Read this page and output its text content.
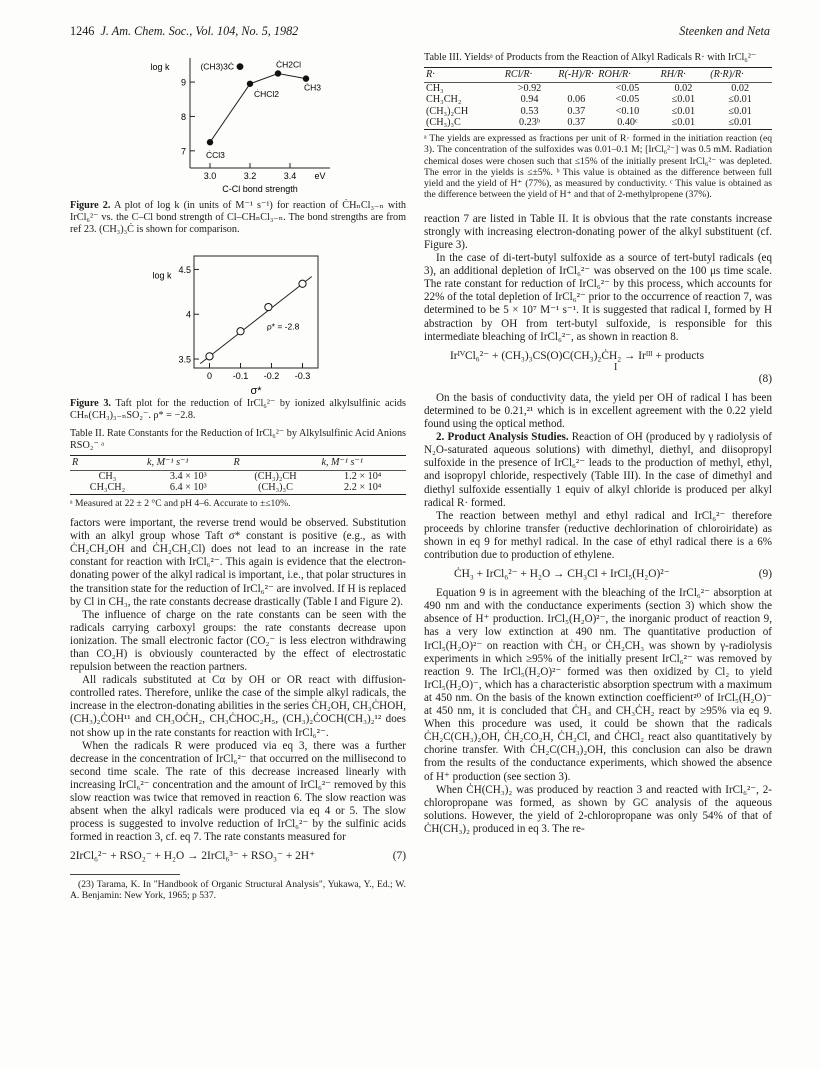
1246 J. Am. Chem. Soc., Vol. 104, No. 5, 1982	Steenken and Neta
9
8
7
3.0	3.2	3.4 eV
C-Cl bond strength
log k	(CH3)3Ċ	ĊH2Cl
ĊH3
ĊHCl2
ĊCl3
Figure 2. A plot of log k (in units of M⁻¹ s⁻¹) for reaction of ĊHₙCl₃₋ₙ with IrCl₆²⁻ vs. the C–Cl bond strength of Cl–CHₙCl₃₋ₙ. The bond strengths are from ref 23. (CH₃)₃Ċ is shown for comparison.
4.5
4
3.5
0 -0.1 -0.2 -0.3
σ*
log k
ρ* = -2.8
Figure 3. Taft plot for the reduction of IrCl₆²⁻ by ionized alkylsulfinic acids CHₙ(CH₃)₃₋ₙSO₂⁻. ρ* = −2.8.
Table II. Rate Constants for the Reduction of IrCl₆²⁻ by Alkylsulfinic Acid Anions RSO₂⁻ ᵃ
R	k, M⁻¹ s⁻¹	R	k, M⁻¹ s⁻¹
CH₃	3.4 × 10³	(CH₃)₂CH	1.2 × 10⁴
CH₃CH₂	6.4 × 10³	(CH₃)₃C	2.2 × 10⁴
ᵃ Measured at 22 ± 2 °C and pH 4–6. Accurate to ±≤10%.

factors were important, the reverse trend would be observed. Substitution with an alkyl group whose Taft σ* constant is positive (e.g., as with ĊH₂CH₂OH and ĊH₂CH₂Cl) does not lead to an increase in the rate constant for reaction with IrCl₆²⁻. This again is evidence that the electron-donating power of the alkyl radical is important, i.e., that polar structures in the transition state for the reduction of IrCl₆²⁻ are involved. If H is replaced by Cl in CH₃, the rate constants decrease drastically (Table I and Figure 2).

The influence of charge on the rate constants can be seen with the radicals carrying carboxyl groups: the rate constants decrease upon ionization. The small electronic factor (CO₂⁻ is less electron withdrawing than CO₂H) is obviously counteracted by the effect of electrostatic repulsion between the reaction partners.

All radicals substituted at Cα by OH or OR react with diffusion-controlled rates. Therefore, unlike the case of the simple alkyl radicals, the increase in the electron-donating abilities in the series ĊH₂OH, CH₃ĊHOH, (CH₃)₂ĊOH¹¹ and CH₃OĊH₂, CH₃ĊHOC₂H₅, (CH₃)₂ĊOCH(CH₃)₂¹² does not show up in the rate constants for reaction with IrCl₆²⁻.

When the radicals R were produced via eq 3, there was a further decrease in the concentration of IrCl₆²⁻ that occurred on the millisecond to second time scale. The rate of this decrease increased linearly with increasing IrCl₆²⁻ concentration and the amount of IrCl₆²⁻ removed by this slow reaction was twice that removed in reaction 6. The slow reaction was absent when the alkyl radicals were produced via eq 4 or 5. The slow process is suggested to involve reduction of IrCl₆²⁻ by the sulfinic acids formed in reaction 3, cf. eq 7. The rate constants measured for

2IrCl₆²⁻ + RSO₂⁻ + H₂O → 2IrCl₆³⁻ + RSO₃⁻ + 2H⁺	(7)

(23) Tarama, K. In "Handbook of Organic Structural Analysis", Yukawa, Y., Ed.; W. A. Benjamin: New York, 1965; p 537.

Table III. Yieldsᵃ of Products from the Reaction of Alkyl Radicals R· with IrCl₆²⁻
R·	RCl/R·	R(-H)/R·	ROH/R·	RH/R·	(R·R)/R·
CH₃	>0.92		<0.05	0.02	0.02
CH₃CH₂	0.94	0.06	<0.05	≤0.01	≤0.01
(CH₃)₂CH	0.53	0.37	<0.10	≤0.01	≤0.01
(CH₃)₃C	0.23ᵇ	0.37	0.40ᶜ	≤0.01	≤0.01
ᵃ The yields are expressed as fractions per unit of R· formed in the initiation reaction (eq 3). The concentration of the sulfoxides was 0.01–0.1 M; [IrCl₆²⁻] was 0.5 mM. Radiation chemical doses were chosen such that ≤15% of the initially present IrCl₆²⁻ was depleted. The error in the yields is ≤±5%. ᵇ This value is obtained as the difference between full yield and the yield of H⁺ (77%), as measured by conductivity. ᶜ This value is obtained as the difference between the yield of H⁺ and that of 2-methylpropene (37%).

reaction 7 are listed in Table II. It is obvious that the rate constants increase strongly with increasing electron-donating power of the alkyl substituent (cf. Figure 3).

In the case of di-tert-butyl sulfoxide as a source of tert-butyl radicals (eq 3), an additional depletion of IrCl₆²⁻ was observed on the 100 μs time scale. The rate constant for reduction of IrCl₆²⁻ by this process, which accounts for 22% of the total depletion of IrCl₆²⁻ prior to the occurrence of reaction 7, was determined to be 5 × 10⁷ M⁻¹ s⁻¹. It is suggested that radical I, formed by H abstraction by OH from tert-butyl sulfoxide, is responsible for this intermediate bleaching of IrCl₆²⁻, as shown in reaction 8.

IrᴵⱽCl₆²⁻ + (CH₃)₃CS(O)C(CH₃)₂ĊH₂ → Irᴵᴵᴵ + products
I
(8)

On the basis of conductivity data, the yield per OH of radical I has been determined to be 0.21,²¹ which is in excellent agreement with the 0.22 yield found using the optical method.

2. Product Analysis Studies. Reaction of OH (produced by γ radiolysis of N₂O-saturated aqueous solutions) with dimethyl, diethyl, and diisopropyl sulfoxide in the presence of IrCl₆²⁻ leads to the production of methyl, ethyl, and isopropyl chloride, respectively (Table III). In the case of dimethyl and diethyl sulfoxide essentially 1 equiv of alkyl chloride is produced per alkyl radical R· formed.

The reaction between methyl and ethyl radical and IrCl₆²⁻ therefore proceeds by chlorine transfer (reductive dechlorination of chloroiridate) as shown in eq 9 for methyl radical. In the case of ethyl radical there is a 6% contribution due to production of ethylene.

ĊH₃ + IrCl₆²⁻ + H₂O → CH₃Cl + IrCl₅(H₂O)²⁻	(9)

Equation 9 is in agreement with the bleaching of the IrCl₆²⁻ absorption at 490 nm and with the conductance experiments (section 3) which show the absence of H⁺ production. IrCl₅(H₂O)²⁻, the inorganic product of reaction 9, has a very low extinction at 490 nm. The quantitative production of IrCl₅(H₂O)²⁻ on reaction with ĊH₃ or ĊH₂CH₃ was shown by γ-radiolysis experiments in which ≥95% of the initially present IrCl₆²⁻ was removed by reaction 9. The IrCl₅(H₂O)²⁻ formed was then oxidized by Cl₂ to yield IrCl₅(H₂O)⁻, which has a characteristic absorption spectrum with a maximum at 450 nm. On the basis of the known extinction coefficient²⁰ of IrCl₅(H₂O)⁻ at 450 nm, it is concluded that ĊH₃ and CH₃ĊH₂ react by ≥95% via eq 9. When this procedure was used, it could be shown that the radicals ĊH₂C(CH₃)₂OH, ĊH₂CO₂H, ĊH₂Cl, and ĊHCl₂ react also quantitatively by chorine transfer. With ĊH₂C(CH₃)₂OH, this conclusion can also be drawn from the results of the conductance experiments, which showed the absence of H⁺ production (see section 3).

When ĊH(CH₃)₂ was produced by reaction 3 and reacted with IrCl₆²⁻, 2-chloropropane was formed, as shown by GC analysis of the aqueous solutions. However, the yield of 2-chloropropane was only 54% of that of ĊH(CH₃)₂ produced in eq 3. The re-
